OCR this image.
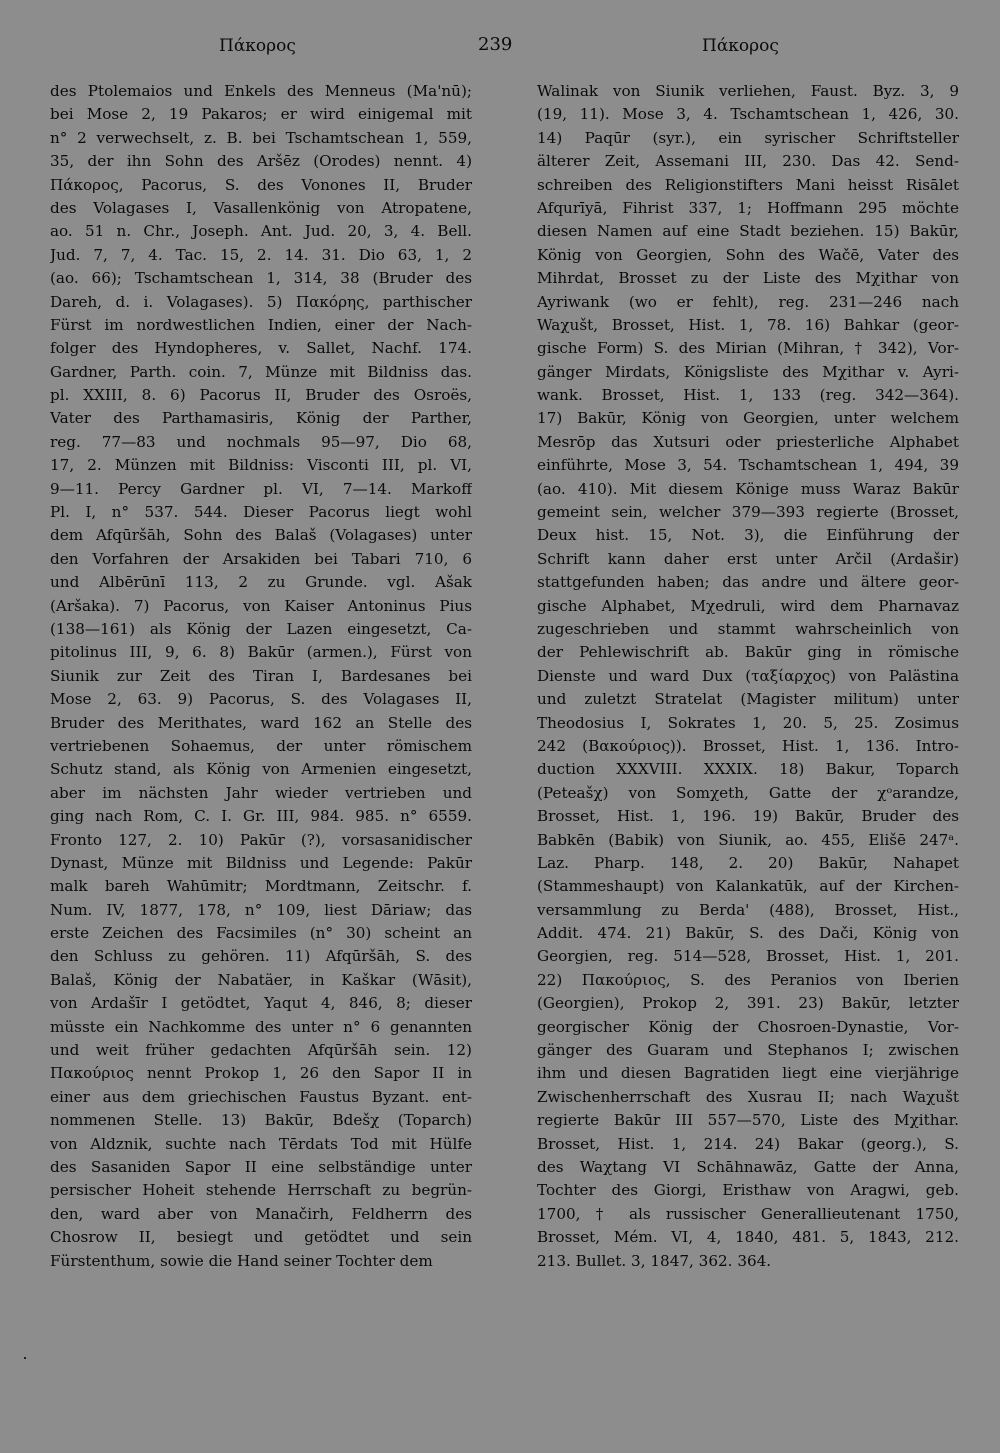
Πάκορος	239	Πάκορος
des Ptolemaios und Enkels des Menneus (Ma'nū);
bei Mose 2, 19 Pakaros; er wird einigemal mit
n° 2 verwechselt, z. B. bei Tschamtschean 1, 559,
35, der ihn Sohn des Aršēz (Orodes) nennt. 4)
Πάκορος, Pacorus, S. des Vonones II, Bruder
des Volagases I, Vasallenkönig von Atropatene,
ao. 51 n. Chr., Joseph. Ant. Jud. 20, 3, 4. Bell.
Jud. 7, 7, 4. Tac. 15, 2. 14. 31. Dio 63, 1, 2
(ao. 66); Tschamtschean 1, 314, 38 (Bruder des
Dareh, d. i. Volagases). 5) Πακόρης, parthischer
Fürst im nordwestlichen Indien, einer der Nach-
folger des Hyndopheres, v. Sallet, Nachf. 174.
Gardner, Parth. coin. 7, Münze mit Bildniss das.
pl. XXIII, 8. 6) Pacorus II, Bruder des Osroës,
Vater des Parthamasiris, König der Parther,
reg. 77—83 und nochmals 95—97, Dio 68,
17, 2. Münzen mit Bildniss: Visconti III, pl. VI,
9—11. Percy Gardner pl. VI, 7—14. Markoff
Pl. I, n° 537. 544. Dieser Pacorus liegt wohl
dem Afqūršāh, Sohn des Balaš (Volagases) unter
den Vorfahren der Arsakiden bei Tabari 710, 6
und Albērūnī 113, 2 zu Grunde. vgl. Ašak
(Aršaka). 7) Pacorus, von Kaiser Antoninus Pius
(138—161) als König der Lazen eingesetzt, Ca-
pitolinus III, 9, 6. 8) Bakūr (armen.), Fürst von
Siunik zur Zeit des Tiran I, Bardesanes bei
Mose 2, 63. 9) Pacorus, S. des Volagases II,
Bruder des Merithates, ward 162 an Stelle des
vertriebenen Sohaemus, der unter römischem
Schutz stand, als König von Armenien eingesetzt,
aber im nächsten Jahr wieder vertrieben und
ging nach Rom, C. I. Gr. III, 984. 985. n° 6559.
Fronto 127, 2. 10) Pakūr (?), vorsasanidischer
Dynast, Münze mit Bildniss und Legende: Pakūr
malk bareh Wahūmitr; Mordtmann, Zeitschr. f.
Num. IV, 1877, 178, n° 109, liest Dāriaw; das
erste Zeichen des Facsimiles (n° 30) scheint an
den Schluss zu gehören. 11) Afqūršāh, S. des
Balaš, König der Nabatäer, in Kaškar (Wāsit),
von Ardašīr I getödtet, Yaqut 4, 846, 8; dieser
müsste ein Nachkomme des unter n° 6 genannten
und weit früher gedachten Afqūršāh sein. 12)
Πακούριος nennt Prokop 1, 26 den Sapor II in
einer aus dem griechischen Faustus Byzant. ent-
nommenen Stelle. 13) Bakūr, Bdešχ (Toparch)
von Aldznik, suchte nach Tērdats Tod mit Hülfe
des Sasaniden Sapor II eine selbständige unter
persischer Hoheit stehende Herrschaft zu begrün-
den, ward aber von Manačirh, Feldherrn des
Chosrow II, besiegt und getödtet und sein
Fürstenthum, sowie die Hand seiner Tochter dem
Walinak von Siunik verliehen, Faust. Byz. 3, 9
(19, 11). Mose 3, 4. Tschamtschean 1, 426, 30.
14) Paqūr (syr.), ein syrischer Schriftsteller
älterer Zeit, Assemani III, 230. Das 42. Send-
schreiben des Religionstifters Mani heisst Risālet
Afqurīyā, Fihrist 337, 1; Hoffmann 295 möchte
diesen Namen auf eine Stadt beziehen. 15) Bakūr,
König von Georgien, Sohn des Wačē, Vater des
Mihrdat, Brosset zu der Liste des Mχithar von
Ayriwank (wo er fehlt), reg. 231—246 nach
Waχušt, Brosset, Hist. 1, 78. 16) Bahkar (geor-
gische Form) S. des Mirian (Mihran, † 342), Vor-
gänger Mirdats, Königsliste des Mχithar v. Ayri-
wank. Brosset, Hist. 1, 133 (reg. 342—364).
17) Bakūr, König von Georgien, unter welchem
Mesrōp das Xutsuri oder priesterliche Alphabet
einführte, Mose 3, 54. Tschamtschean 1, 494, 39
(ao. 410). Mit diesem Könige muss Waraz Bakūr
gemeint sein, welcher 379—393 regierte (Brosset,
Deux hist. 15, Not. 3), die Einführung der
Schrift kann daher erst unter Arčil (Ardašir)
stattgefunden haben; das andre und ältere geor-
gische Alphabet, Mχedruli, wird dem Pharnavaz
zugeschrieben und stammt wahrscheinlich von
der Pehlewischrift ab. Bakūr ging in römische
Dienste und ward Dux (ταξίαρχος) von Palästina
und zuletzt Stratelat (Magister militum) unter
Theodosius I, Sokrates 1, 20. 5, 25. Zosimus
242 (Βακούριος)). Brosset, Hist. 1, 136. Intro-
duction XXXVIII. XXXIX. 18) Bakur, Toparch
(Peteašχ) von Somχeth, Gatte der χᵒarandze,
Brosset, Hist. 1, 196. 19) Bakūr, Bruder des
Babkēn (Babik) von Siunik, ao. 455, Elišē 247ᵃ.
Laz. Pharp. 148, 2. 20) Bakūr, Nahapet
(Stammeshaupt) von Kalankatūk, auf der Kirchen-
versammlung zu Berda' (488), Brosset, Hist.,
Addit. 474. 21) Bakūr, S. des Dači, König von
Georgien, reg. 514—528, Brosset, Hist. 1, 201.
22) Πακούριος, S. des Peranios von Iberien
(Georgien), Prokop 2, 391. 23) Bakūr, letzter
georgischer König der Chosroen-Dynastie, Vor-
gänger des Guaram und Stephanos I; zwischen
ihm und diesen Bagratiden liegt eine vierjährige
Zwischenherrschaft des Xusrau II; nach Waχušt
regierte Bakūr III 557—570, Liste des Mχithar.
Brosset, Hist. 1, 214. 24) Bakar (georg.), S.
des Waχtang VI Schāhnawāz, Gatte der Anna,
Tochter des Giorgi, Eristhaw von Aragwi, geb.
1700, † als russischer Generallieutenant 1750,
Brosset, Mém. VI, 4, 1840, 481. 5, 1843, 212.
213. Bullet. 3, 1847, 362. 364.
